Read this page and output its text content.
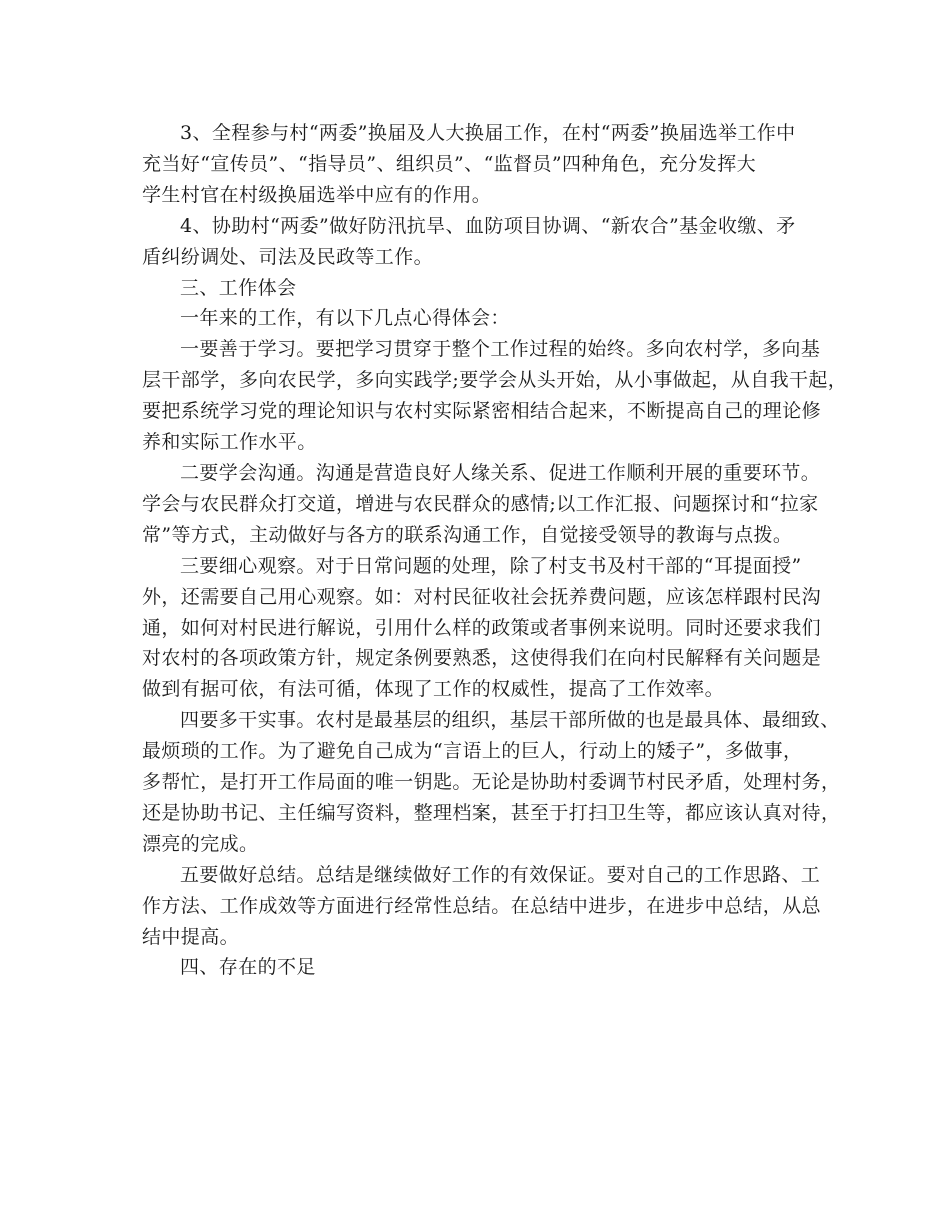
3、全程参与村“两委”换届及人大换届工作，在村“两委”换届选举工作中
充当好“宣传员”、“指导员”、组织员”、“监督员”四种角色，充分发挥大
学生村官在村级换届选举中应有的作用。
4、协助村“两委”做好防汛抗旱、血防项目协调、“新农合”基金收缴、矛
盾纠纷调处、司法及民政等工作。
三、工作体会
一年来的工作，有以下几点心得体会：
一要善于学习。要把学习贯穿于整个工作过程的始终。多向农村学，多向基
层干部学，多向农民学，多向实践学;要学会从头开始，从小事做起，从自我干起，
要把系统学习党的理论知识与农村实际紧密相结合起来，不断提高自己的理论修
养和实际工作水平。
二要学会沟通。沟通是营造良好人缘关系、促进工作顺利开展的重要环节。
学会与农民群众打交道，增进与农民群众的感情;以工作汇报、问题探讨和“拉家
常”等方式，主动做好与各方的联系沟通工作，自觉接受领导的教诲与点拨。
三要细心观察。对于日常问题的处理，除了村支书及村干部的“耳提面授”
外，还需要自己用心观察。如：对村民征收社会抚养费问题，应该怎样跟村民沟
通，如何对村民进行解说，引用什么样的政策或者事例来说明。同时还要求我们
对农村的各项政策方针，规定条例要熟悉，这使得我们在向村民解释有关问题是
做到有据可依，有法可循，体现了工作的权威性，提高了工作效率。
四要多干实事。农村是最基层的组织，基层干部所做的也是最具体、最细致、
最烦琐的工作。为了避免自己成为“言语上的巨人，行动上的矮子”，多做事，
多帮忙，是打开工作局面的唯一钥匙。无论是协助村委调节村民矛盾，处理村务，
还是协助书记、主任编写资料，整理档案，甚至于打扫卫生等，都应该认真对待，
漂亮的完成。
五要做好总结。总结是继续做好工作的有效保证。要对自己的工作思路、工
作方法、工作成效等方面进行经常性总结。在总结中进步，在进步中总结，从总
结中提高。
四、存在的不足
